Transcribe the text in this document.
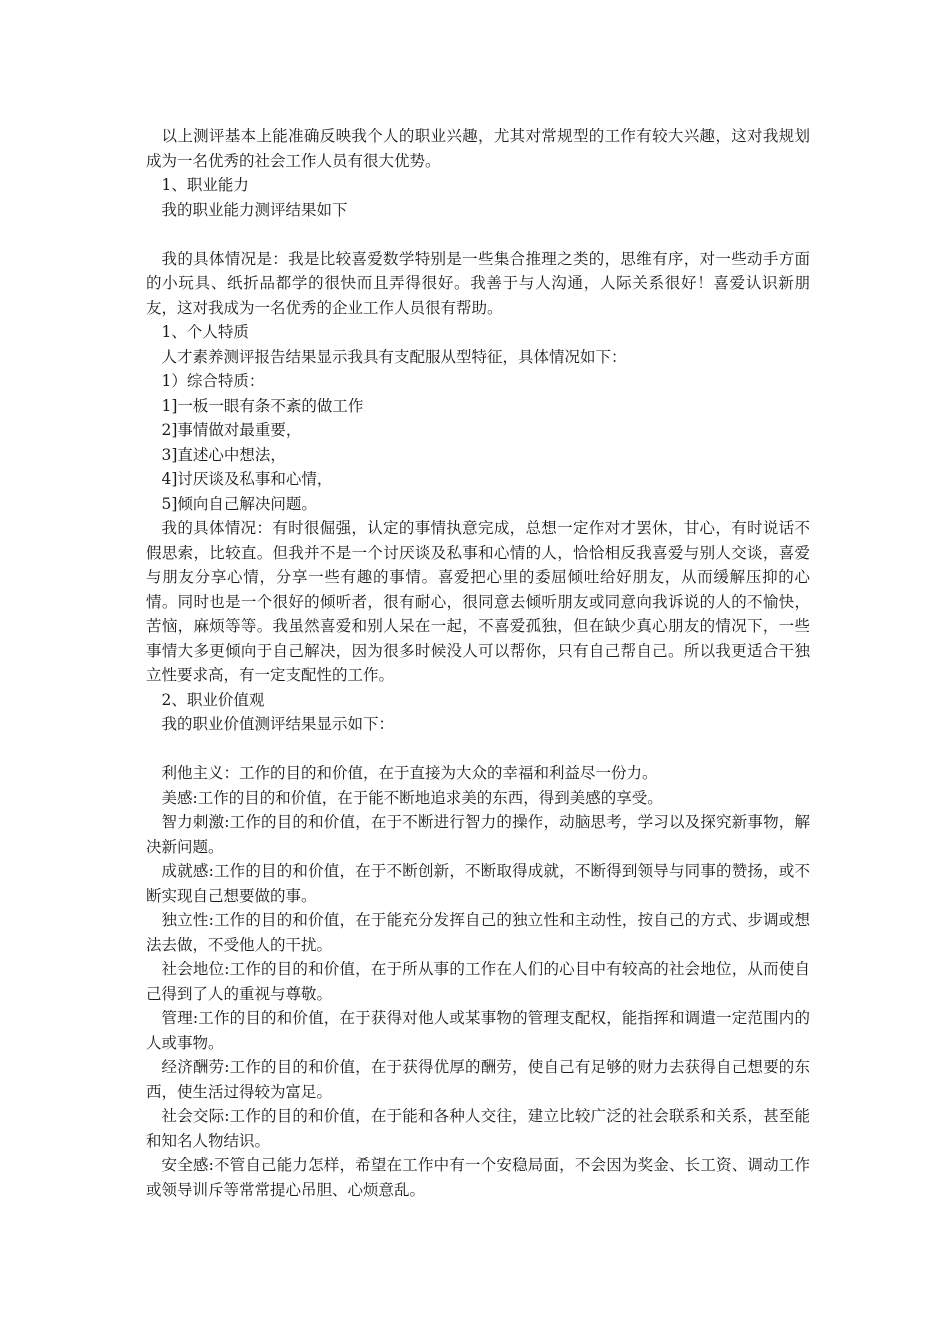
以上测评基本上能准确反映我个人的职业兴趣，尤其对常规型的工作有较大兴趣，这对我规划成为一名优秀的社会工作人员有很大优势。

1、职业能力

我的职业能力测评结果如下

我的具体情况是：我是比较喜爱数学特别是一些集合推理之类的，思维有序，对一些动手方面的小玩具、纸折品都学的很快而且弄得很好。我善于与人沟通，人际关系很好！喜爱认识新朋友，这对我成为一名优秀的企业工作人员很有帮助。

1、个人特质

人才素养测评报告结果显示我具有支配服从型特征，具体情况如下：

1）综合特质：

1]一板一眼有条不紊的做工作

2]事情做对最重要，

3]直述心中想法，

4]讨厌谈及私事和心情，

5]倾向自己解决问题。

我的具体情况：有时很倔强，认定的事情执意完成，总想一定作对才罢休，甘心，有时说话不假思索，比较直。但我并不是一个讨厌谈及私事和心情的人，恰恰相反我喜爱与别人交谈，喜爱与朋友分享心情，分享一些有趣的事情。喜爱把心里的委屈倾吐给好朋友，从而缓解压抑的心情。同时也是一个很好的倾听者，很有耐心，很同意去倾听朋友或同意向我诉说的人的不愉快，苦恼，麻烦等等。我虽然喜爱和别人呆在一起，不喜爱孤独，但在缺少真心朋友的情况下，一些事情大多更倾向于自己解决，因为很多时候没人可以帮你，只有自己帮自己。所以我更适合干独立性要求高，有一定支配性的工作。

2、职业价值观

我的职业价值测评结果显示如下：

利他主义：工作的目的和价值，在于直接为大众的幸福和利益尽一份力。

美感:工作的目的和价值，在于能不断地追求美的东西，得到美感的享受。

智力刺激:工作的目的和价值，在于不断进行智力的操作，动脑思考，学习以及探究新事物，解决新问题。

成就感:工作的目的和价值，在于不断创新，不断取得成就，不断得到领导与同事的赞扬，或不断实现自己想要做的事。

独立性:工作的目的和价值，在于能充分发挥自己的独立性和主动性，按自己的方式、步调或想法去做，不受他人的干扰。

社会地位:工作的目的和价值，在于所从事的工作在人们的心目中有较高的社会地位，从而使自己得到了人的重视与尊敬。

管理:工作的目的和价值，在于获得对他人或某事物的管理支配权，能指挥和调遣一定范围内的人或事物。

经济酬劳:工作的目的和价值，在于获得优厚的酬劳，使自己有足够的财力去获得自己想要的东西，使生活过得较为富足。

社会交际:工作的目的和价值，在于能和各种人交往，建立比较广泛的社会联系和关系，甚至能和知名人物结识。

安全感:不管自己能力怎样，希望在工作中有一个安稳局面，不会因为奖金、长工资、调动工作或领导训斥等常常提心吊胆、心烦意乱。
